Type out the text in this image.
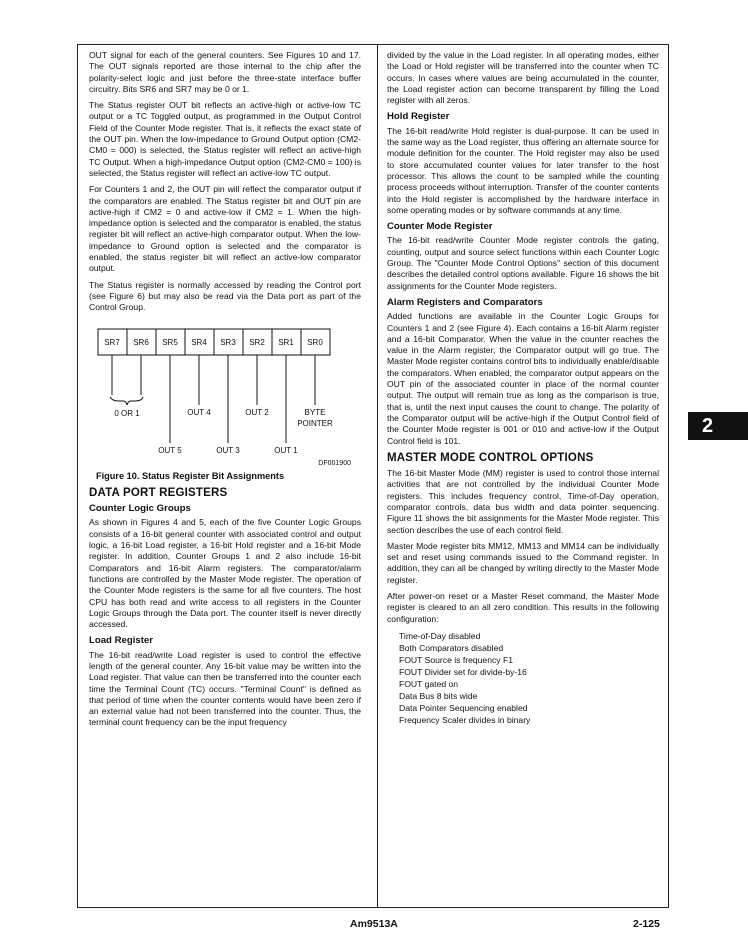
OUT signal for each of the general counters. See Figures 10 and 17. The OUT signals reported are those internal to the chip after the polarity-select logic and just before the three-state interface buffer circuitry. Bits SR6 and SR7 may be 0 or 1.

The Status register OUT bit reflects an active-high or active-low TC output or a TC Toggled output, as programmed in the Output Control Field of the Counter Mode register. That is, it reflects the exact state of the OUT pin. When the low-impedance to Ground Output option (CM2-CM0 = 000) is selected, the Status register will reflect an active-high TC Output. When a high-impedance Output option (CM2-CM0 = 100) is selected, the Status register will reflect an active-low TC output.

For Counters 1 and 2, the OUT pin will reflect the comparator output if the comparators are enabled. The Status register bit and OUT pin are active-high if CM2 = 0 and active-low if CM2 = 1. When the high-impedance option is selected and the comparator is enabled, the status register bit will reflect an active-high comparator output. When the low-impedance to Ground option is selected and the comparator is enabled, the status register bit will reflect an active-low comparator output.

The Status register is normally accessed by reading the Control port (see Figure 6) but may also be read via the Data port as part of the Control Group.

SR7 SR6 SR5 SR4 SR3 SR2 SR1 SR0
0 OR 1
OUT 5
OUT 4
OUT 3
OUT 2
OUT 1
BYTE
POINTER
DF001900
Figure 10. Status Register Bit Assignments
DATA PORT REGISTERS
Counter Logic Groups

As shown in Figures 4 and 5, each of the five Counter Logic Groups consists of a 16-bit general counter with associated control and output logic, a 16-bit Load register, a 16-bit Hold register and a 16-bit Mode register. In addition, Counter Groups 1 and 2 also include 16-bit Comparators and 16-bit Alarm registers. The comparator/alarm functions are controlled by the Master Mode register. The operation of the Counter Mode registers is the same for all five counters. The host CPU has both read and write access to all registers in the Counter Logic Groups through the Data port. The counter itself is never directly accessed.

Load Register

The 16-bit read/write Load register is used to control the effective length of the general counter. Any 16-bit value may be written into the Load register. That value can then be transferred into the counter each time the Terminal Count (TC) occurs. "Terminal Count" is defined as that period of time when the counter contents would have been zero if an external value had not been transferred into the counter. Thus, the terminal count frequency can be the input frequency

divided by the value in the Load register. In all operating modes, either the Load or Hold register will be transferred into the counter when TC occurs. In cases where values are being accumulated in the counter, the Load register action can become transparent by filling the Load register with all zeros.

Hold Register

The 16-bit read/write Hold register is dual-purpose. It can be used in the same way as the Load register, thus offering an alternate source for module definition for the counter. The Hold register may also be used to store accumulated counter values for later transfer to the host processor. This allows the count to be sampled while the counting process proceeds without interruption. Transfer of the counter contents into the Hold register is accomplished by the hardware interface in some operating modes or by software commands at any time.

Counter Mode Register

The 16-bit read/write Counter Mode register controls the gating, counting, output and source select functions within each Counter Logic Group. The "Counter Mode Control Options" section of this document describes the detailed control options available. Figure 16 shows the bit assignments for the Counter Mode registers.

Alarm Registers and Comparators

Added functions are available in the Counter Logic Groups for Counters 1 and 2 (see Figure 4). Each contains a 16-bit Alarm register and a 16-bit Comparator. When the value in the counter reaches the value in the Alarm register, the Comparator output will go true. The Master Mode register contains control bits to individually enable/disable the comparators. When enabled, the comparator output appears on the OUT pin of the associated counter in place of the normal counter output. The output will remain true as long as the comparison is true, that is, until the next input causes the count to change. The polarity of the Comparator output will be active-high if the Output Control field of the Counter Mode register is 001 or 010 and active-low if the Output Control field is 101.

MASTER MODE CONTROL OPTIONS

The 16-bit Master Mode (MM) register is used to control those internal activities that are not controlled by the individual Counter Mode registers. This includes frequency control, Time-of-Day operation, comparator controls, data bus width and data pointer sequencing. Figure 11 shows the bit assignments for the Master Mode register. This section describes the use of each control field.

Master Mode register bits MM12, MM13 and MM14 can be individually set and reset using commands issued to the Command register. In addition, they can all be changed by writing directly to the Master Mode register.

After power-on reset or a Master Reset command, the Master Mode register is cleared to an all zero condition. This results in the following configuration:

Time-of-Day disabled
Both Comparators disabled
FOUT Source is frequency F1
FOUT Divider set for divide-by-16
FOUT gated on
Data Bus 8 bits wide
Data Pointer Sequencing enabled
Frequency Scaler divides in binary
2
Am9513A	2-125
